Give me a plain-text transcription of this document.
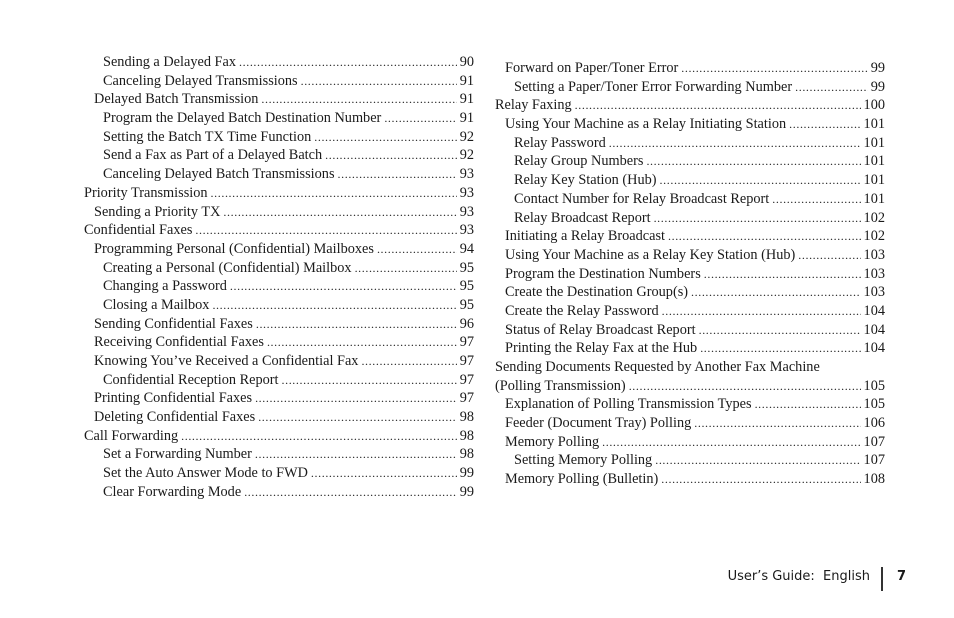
Sending a Delayed Fax .....	90
Canceling Delayed Transmissions .....	91
Delayed Batch Transmission .....	91
Program the Delayed Batch Destination Number .....	91
Setting the Batch TX Time Function .....	92
Send a Fax as Part of a Delayed Batch .....	92
Canceling Delayed Batch Transmissions .....	93
Priority Transmission .....	93
Sending a Priority TX .....	93
Confidential Faxes .....	93
Programming Personal (Confidential) Mailboxes .....	94
Creating a Personal (Confidential) Mailbox .....	95
Changing a Password .....	95
Closing a Mailbox .....	95
Sending Confidential Faxes .....	96
Receiving Confidential Faxes .....	97
Knowing You’ve Received a Confidential Fax .....	97
Confidential Reception Report .....	97
Printing Confidential Faxes .....	97
Deleting Confidential Faxes .....	98
Call Forwarding .....	98
Set a Forwarding Number .....	98
Set the Auto Answer Mode to FWD .....	99
Clear Forwarding Mode .....	99
Forward on Paper/Toner Error .....	99
Setting a Paper/Toner Error Forwarding Number .....	99
Relay Faxing .....	100
Using Your Machine as a Relay Initiating Station .....	101
Relay Password .....	101
Relay Group Numbers .....	101
Relay Key Station (Hub) .....	101
Contact Number for Relay Broadcast Report .....	101
Relay Broadcast Report .....	102
Initiating a Relay Broadcast .....	102
Using Your Machine as a Relay Key Station (Hub) .....	103
Program the Destination Numbers .....	103
Create the Destination Group(s) .....	103
Create the Relay Password .....	104
Status of Relay Broadcast Report .....	104
Printing the Relay Fax at the Hub .....	104
Sending Documents Requested by Another Fax Machine
(Polling Transmission) .....	105
Explanation of Polling Transmission Types .....	105
Feeder (Document Tray) Polling .....	106
Memory Polling .....	107
Setting Memory Polling .....	107
Memory Polling (Bulletin) .....	108
User’s Guide:  English 7
